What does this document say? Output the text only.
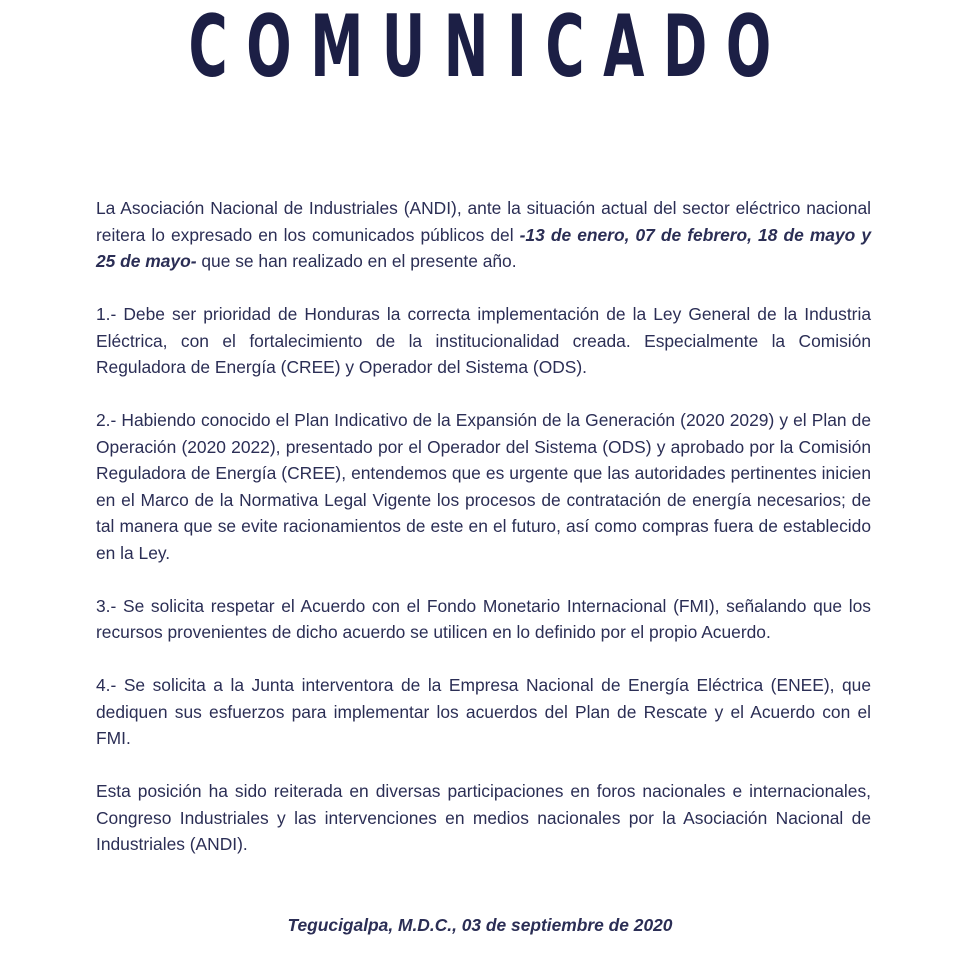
COMUNICADO

La Asociación Nacional de Industriales (ANDI), ante la situación actual del sector eléctrico nacional reitera lo expresado en los comunicados públicos del -13 de enero, 07 de febrero, 18 de mayo y 25 de mayo- que se han realizado en el presente año.

1.- Debe ser prioridad de Honduras la correcta implementación de la Ley General de la Industria Eléctrica, con el fortalecimiento de la institucionalidad creada. Especialmente la Comisión Reguladora de Energía (CREE) y Operador del Sistema (ODS).

2.- Habiendo conocido el Plan Indicativo de la Expansión de la Generación (2020 2029) y el Plan de Operación (2020 2022), presentado por el Operador del Sistema (ODS) y aprobado por la Comisión Reguladora de Energía (CREE), entendemos que es urgente que las autoridades pertinentes inicien en el Marco de la Normativa Legal Vigente los procesos de contratación de energía necesarios; de tal manera que se evite racionamientos de este en el futuro, así como compras fuera de establecido en la Ley.

3.- Se solicita respetar el Acuerdo con el Fondo Monetario Internacional (FMI), señalando que los recursos provenientes de dicho acuerdo se utilicen en lo definido por el propio Acuerdo.

4.- Se solicita a la Junta interventora de la Empresa Nacional de Energía Eléctrica (ENEE), que dediquen sus esfuerzos para implementar los acuerdos del Plan de Rescate y el Acuerdo con el FMI.

Esta posición ha sido reiterada en diversas participaciones en foros nacionales e internacionales, Congreso Industriales y las intervenciones en medios nacionales por la Asociación Nacional de Industriales (ANDI).

Tegucigalpa, M.D.C., 03 de septiembre de 2020
